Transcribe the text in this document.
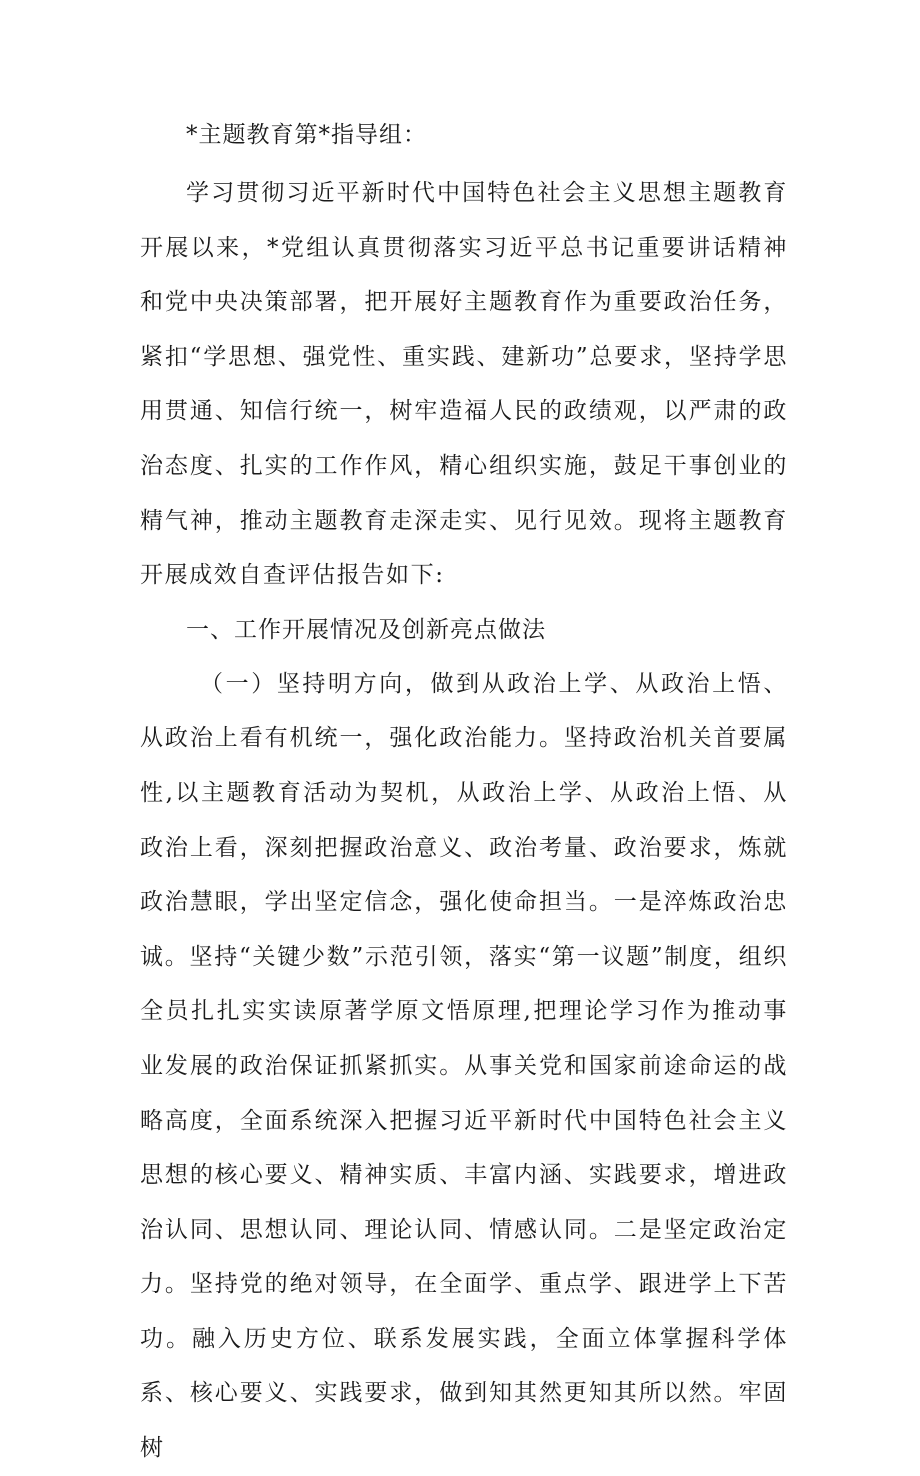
*主题教育第*指导组：

学习贯彻习近平新时代中国特色社会主义思想主题教育开展以来，*党组认真贯彻落实习近平总书记重要讲话精神和党中央决策部署，把开展好主题教育作为重要政治任务，紧扣“学思想、强党性、重实践、建新功”总要求，坚持学思用贯通、知信行统一，树牢造福人民的政绩观，以严肃的政治态度、扎实的工作作风，精心组织实施，鼓足干事创业的精气神，推动主题教育走深走实、见行见效。现将主题教育开展成效自查评估报告如下:

一、工作开展情况及创新亮点做法

（一）坚持明方向，做到从政治上学、从政治上悟、从政治上看有机统一，强化政治能力。坚持政治机关首要属性,以主题教育活动为契机，从政治上学、从政治上悟、从政治上看，深刻把握政治意义、政治考量、政治要求，炼就政治慧眼，学出坚定信念，强化使命担当。一是淬炼政治忠诚。坚持“关键少数”示范引领，落实“第一议题”制度，组织全员扎扎实实读原著学原文悟原理,把理论学习作为推动事业发展的政治保证抓紧抓实。从事关党和国家前途命运的战略高度，全面系统深入把握习近平新时代中国特色社会主义思想的核心要义、精神实质、丰富内涵、实践要求，增进政治认同、思想认同、理论认同、情感认同。二是坚定政治定力。坚持党的绝对领导，在全面学、重点学、跟进学上下苦功。融入历史方位、联系发展实践，全面立体掌握科学体系、核心要义、实践要求，做到知其然更知其所以然。牢固树
